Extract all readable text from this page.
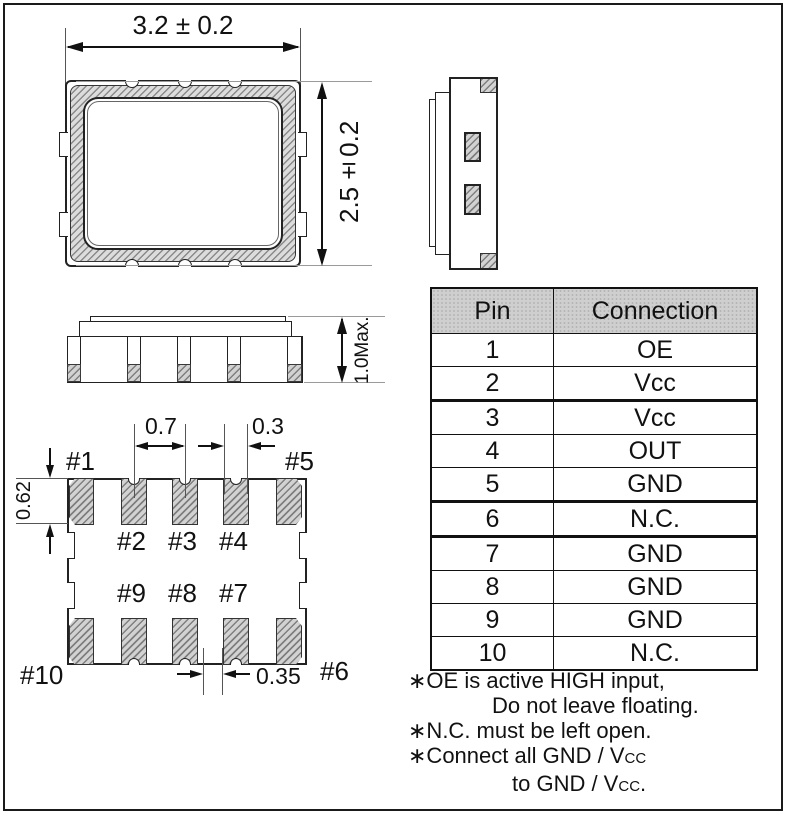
3.2 ± 0.2
2.5±0.2
1.0Max.
#1	#5
#2 #3 #4
#9 #8 #7
#10	#6
0.7	0.3
0.62
0.35
Pin	Connection
1	OE
2	Vcc
3	Vcc
4	OUT
5	GND
6	N.C.
7	GND
8	GND
9	GND
10	N.C.
∗OE is active HIGH input,
Do not leave floating.
∗N.C. must be left open.
∗Connect all GND / VCC
to GND / VCC.
